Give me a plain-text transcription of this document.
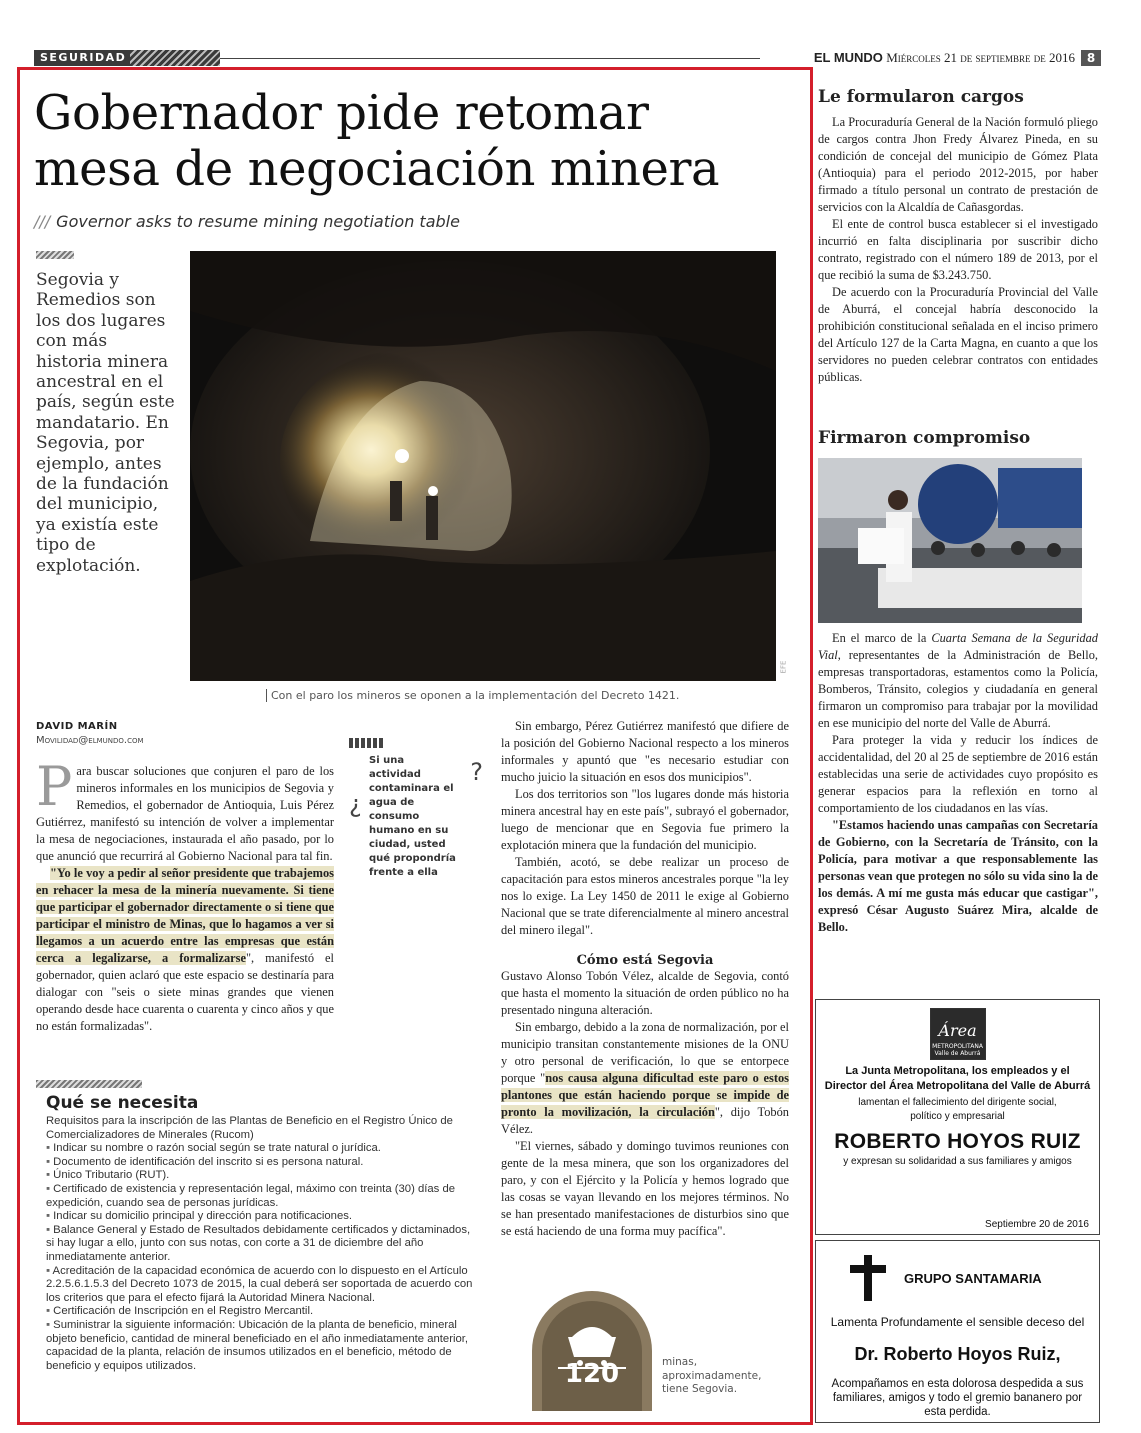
SEGURIDAD	EL MUNDO Miércoles 21 de septiembre de 2016 8
Gobernador pide retomar
mesa de negociación minera
/// Governor asks to resume mining negotiation table
Segovia y Remedios son los dos lugares con más historia minera ancestral en el país, según este mandatario. En Segovia, por ejemplo, antes de la fundación del municipio, ya existía este tipo de explotación.
EFE
Con el paro los mineros se oponen a la implementación del Decreto 1421.
DAVID MARÍN
Movilidad@elmundo.com

Para buscar soluciones que conjuren el paro de los mineros informales en los municipios de Segovia y Remedios, el gobernador de Antioquia, Luis Pérez Gutiérrez, manifestó su intención de volver a implementar la mesa de negociaciones, instaurada el año pasado, por lo que anunció que recurrirá al Gobierno Nacional para tal fin.

"Yo le voy a pedir al señor presidente que trabajemos en rehacer la mesa de la minería nuevamente. Si tiene que participar el gobernador directamente o si tiene que participar el ministro de Minas, que lo hagamos a ver si llegamos a un acuerdo entre las empresas que están cerca a legalizarse, a formalizarse", manifestó el gobernador, quien aclaró que este espacio se destinaría para dialogar con "seis o siete minas grandes que vienen operando desde hace cuarenta o cuarenta y cinco años y que no están formalizadas".

¿
?
Si una actividad contaminara el agua de consumo humano en su ciudad, usted qué propondría frente a ella

Sin embargo, Pérez Gutiérrez manifestó que difiere de la posición del Gobierno Nacional respecto a los mineros informales y apuntó que "es necesario estudiar con mucho juicio la situación en esos dos municipios".

Los dos territorios son "los lugares donde más historia minera ancestral hay en este país", subrayó el gobernador, luego de mencionar que en Segovia fue primero la explotación minera que la fundación del municipio.

También, acotó, se debe realizar un proceso de capacitación para estos mineros ancestrales porque "la ley nos lo exige. La Ley 1450 de 2011 le exige al Gobierno Nacional que se trate diferencialmente al minero ancestral del minero ilegal".

Cómo está Segovia

Gustavo Alonso Tobón Vélez, alcalde de Segovia, contó que hasta el momento la situación de orden público no ha presentado ninguna alteración.

Sin embargo, debido a la zona de normalización, por el municipio transitan constantemente misiones de la ONU y otro personal de verificación, lo que se entorpece porque "nos causa alguna dificultad este paro o estos plantones que están haciendo porque se impide de pronto la movilización, la circulación", dijo Tobón Vélez.

"El viernes, sábado y domingo tuvimos reuniones con gente de la mesa minera, que son los organizadores del paro, y con el Ejército y la Policía y hemos logrado que las cosas se vayan llevando en los mejores términos. No se han presentado manifestaciones de disturbios sino que se está haciendo de una forma muy pacífica".

Qué se necesita
Requisitos para la inscripción de las Plantas de Beneficio en el Registro Único de Comercializadores de Minerales (Rucom)
▪ Indicar su nombre o razón social según se trate natural o jurídica.
▪ Documento de identificación del inscrito si es persona natural.
▪ Único Tributario (RUT).
▪ Certificado de existencia y representación legal, máximo con treinta (30) días de expedición, cuando sea de personas jurídicas.
▪ Indicar su domicilio principal y dirección para notificaciones.
▪ Balance General y Estado de Resultados debidamente certificados y dictaminados, si hay lugar a ello, junto con sus notas, con corte a 31 de diciembre del año inmediatamente anterior.
▪ Acreditación de la capacidad económica de acuerdo con lo dispuesto en el Artículo 2.2.5.6.1.5.3 del Decreto 1073 de 2015, la cual deberá ser soportada de acuerdo con los criterios que para el efecto fijará la Autoridad Minera Nacional.
▪ Certificación de Inscripción en el Registro Mercantil.
▪ Suministrar la siguiente información: Ubicación de la planta de beneficio, mineral objeto beneficio, cantidad de mineral beneficiado en el año inmediatamente anterior, capacidad de la planta, relación de insumos utilizados en el beneficio, método de beneficio y equipos utilizados.	120	minas,
aproximadamente,
tiene Segovia.
Le formularon cargos

La Procuraduría General de la Nación formuló pliego de cargos contra Jhon Fredy Álvarez Pineda, en su condición de concejal del municipio de Gómez Plata (Antioquia) para el periodo 2012-2015, por haber firmado a título personal un contrato de prestación de servicios con la Alcaldía de Cañasgordas.

El ente de control busca establecer si el investigado incurrió en falta disciplinaria por suscribir dicho contrato, registrado con el número 189 de 2013, por el que recibió la suma de $3.243.750.

De acuerdo con la Procuraduría Provincial del Valle de Aburrá, el concejal habría desconocido la prohibición constitucional señalada en el inciso primero del Artículo 127 de la Carta Magna, en cuanto a que los servidores no pueden celebrar contratos con entidades públicas.

Firmaron compromiso

En el marco de la Cuarta Semana de la Seguridad Vial, representantes de la Administración de Bello, empresas transportadoras, estamentos como la Policía, Bomberos, Tránsito, colegios y ciudadanía en general firmaron un compromiso para trabajar por la movilidad en ese municipio del norte del Valle de Aburrá.

Para proteger la vida y reducir los índices de accidentalidad, del 20 al 25 de septiembre de 2016 están establecidas una serie de actividades cuyo propósito es generar espacios para la reflexión en torno al comportamiento de los ciudadanos en las vías.

"Estamos haciendo unas campañas con Secretaría de Gobierno, con la Secretaría de Tránsito, con la Policía, para motivar a que responsablemente las personas vean que protegen no sólo su vida sino la de los demás. A mí me gusta más educar que castigar", expresó César Augusto Suárez Mira, alcalde de Bello.

Área
METROPOLITANA
Valle de Aburrá
La Junta Metropolitana, los empleados y el
Director del Área Metropolitana del Valle de Aburrá
lamentan el fallecimiento del dirigente social,
político y empresarial
ROBERTO HOYOS RUIZ
y expresan su solidaridad a sus familiares y amigos
Septiembre 20 de 2016
GRUPO SANTAMARIA
Lamenta Profundamente el sensible deceso del
Dr. Roberto Hoyos Ruiz,
Acompañamos en esta dolorosa despedida a sus familiares, amigos y todo el gremio bananero por esta perdida.
